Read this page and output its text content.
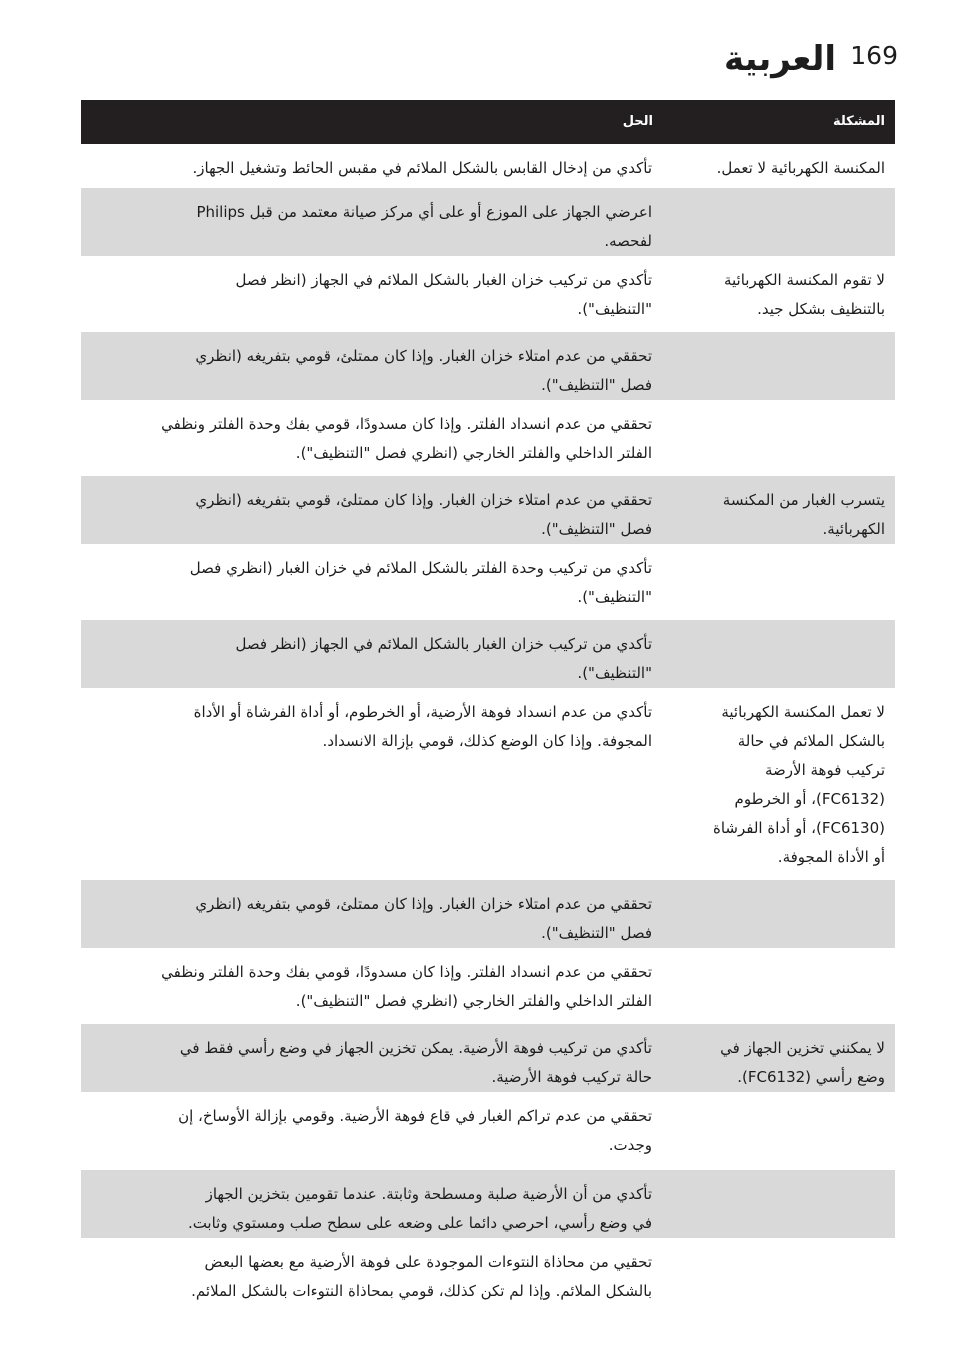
العربية 169
المشكلة
الحل
تأكدي من إدخال القابس بالشكل الملائم في مقبس الحائط وتشغيل الجهاز.	المكنسة الكهربائية لا تعمل.
اعرضي الجهاز على الموزع أو على أي مركز صيانة معتمد من قبل Philips
لفحصه.
تأكدي من تركيب خزان الغبار بالشكل الملائم في الجهاز (انظر فصل
"التنظيف").
لا تقوم المكنسة الكهربائية
بالتنظيف بشكل جيد.
تحققي من عدم امتلاء خزان الغبار. وإذا كان ممتلئ، قومي بتفريغه (انظري
فصل "التنظيف").
تحققي من عدم انسداد الفلتر. وإذا كان مسدودًا، قومي بفك وحدة الفلتر ونظفي
الفلتر الداخلي والفلتر الخارجي (انظري فصل "التنظيف").
تحققي من عدم امتلاء خزان الغبار. وإذا كان ممتلئ، قومي بتفريغه (انظري
فصل "التنظيف").
يتسرب الغبار من المكنسة
الكهربائية.
تأكدي من تركيب وحدة الفلتر بالشكل الملائم في خزان الغبار (انظري فصل
"التنظيف").
تأكدي من تركيب خزان الغبار بالشكل الملائم في الجهاز (انظر فصل
"التنظيف").
تأكدي من عدم انسداد فوهة الأرضية، أو الخرطوم، أو أداة الفرشاة أو الأداة
المجوفة. وإذا كان الوضع كذلك، قومي بإزالة الانسداد.
لا تعمل المكنسة الكهربائية
بالشكل الملائم في حالة
تركيب فوهة الأرضة
(FC6132)، أو الخرطوم
(FC6130)، أو أداة الفرشاة
أو الأداة المجوفة.
تحققي من عدم امتلاء خزان الغبار. وإذا كان ممتلئ، قومي بتفريغه (انظري
فصل "التنظيف").
تحققي من عدم انسداد الفلتر. وإذا كان مسدودًا، قومي بفك وحدة الفلتر ونظفي
الفلتر الداخلي والفلتر الخارجي (انظري فصل "التنظيف").
تأكدي من تركيب فوهة الأرضية. يمكن تخزين الجهاز في وضع رأسي فقط في
حالة تركيب فوهة الأرضية.
لا يمكنني تخزين الجهاز في
وضع رأسي (FC6132).
تحققي من عدم تراكم الغبار في قاع فوهة الأرضية. وقومي بإزالة الأوساخ، إن
وجدت.
تأكدي من أن الأرضية صلبة ومسطحة وثابتة. عندما تقومين بتخزين الجهاز
في وضع رأسي، احرصي دائما على وضعه على سطح صلب ومستوي وثابت.
تحقيي من محاذاة النتوءات الموجودة على فوهة الأرضية مع بعضها البعض
بالشكل الملائم. وإذا لم تكن كذلك، قومي بمحاذاة النتوءات بالشكل الملائم.
